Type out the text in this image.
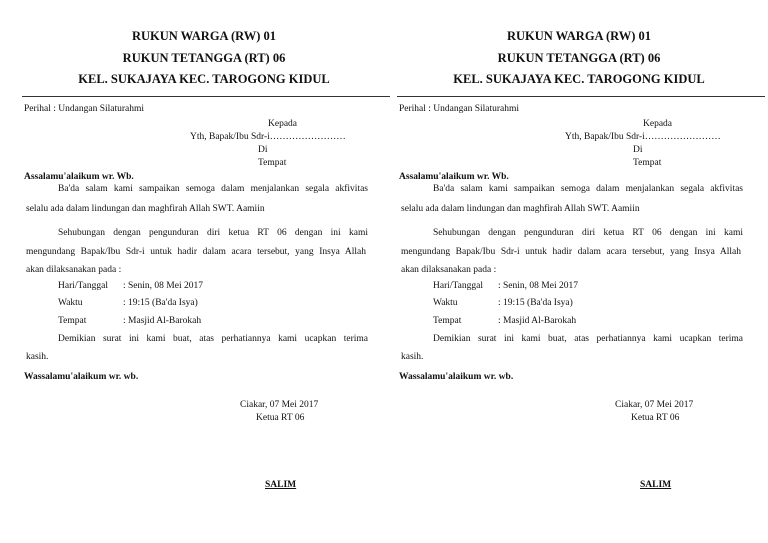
RUKUN WARGA (RW) 01
RUKUN TETANGGA (RT) 06
KEL. SUKAJAYA KEC. TAROGONG KIDUL
Perihal : Undangan Silaturahmi
Kepada
Yth, Bapak/Ibu Sdr-i……………………
Di
Tempat
Assalamu'alaikum wr. Wb.
Ba'da salam kami sampaikan semoga dalam menjalankan segala akfivitas
selalu ada dalam lindungan dan maghfirah Allah SWT. Aamiin
Sehubungan dengan pengunduran diri ketua RT 06 dengan ini kami
mengundang Bapak/Ibu Sdr-i untuk hadir dalam acara tersebut, yang Insya Allah
akan dilaksanakan pada :
Hari/Tanggal : Senin, 08 Mei 2017
Waktu	: 19:15 (Ba'da Isya)
Tempat	: Masjid Al-Barokah
Demikian surat ini kami buat, atas perhatiannya kami ucapkan terima
kasih.
Wassalamu'alaikum wr. wb.
Ciakar, 07 Mei 2017
Ketua RT 06
SALIM
RUKUN WARGA (RW) 01
RUKUN TETANGGA (RT) 06
KEL. SUKAJAYA KEC. TAROGONG KIDUL
Perihal : Undangan Silaturahmi
Kepada
Yth, Bapak/Ibu Sdr-i……………………
Di
Tempat
Assalamu'alaikum wr. Wb.
Ba'da salam kami sampaikan semoga dalam menjalankan segala akfivitas
selalu ada dalam lindungan dan maghfirah Allah SWT. Aamiin
Sehubungan dengan pengunduran diri ketua RT 06 dengan ini kami
mengundang Bapak/Ibu Sdr-i untuk hadir dalam acara tersebut, yang Insya Allah
akan dilaksanakan pada :
Hari/Tanggal : Senin, 08 Mei 2017
Waktu	: 19:15 (Ba'da Isya)
Tempat	: Masjid Al-Barokah
Demikian surat ini kami buat, atas perhatiannya kami ucapkan terima
kasih.
Wassalamu'alaikum wr. wb.
Ciakar, 07 Mei 2017
Ketua RT 06
SALIM
